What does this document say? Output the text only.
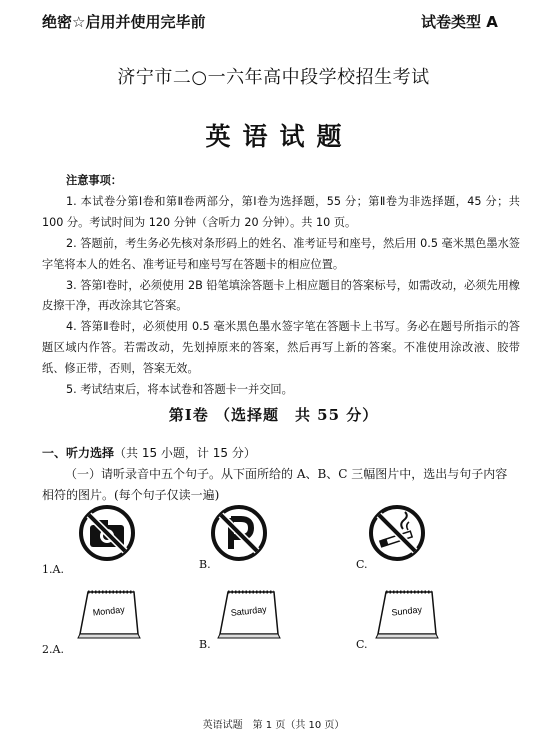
绝密☆启用并使用完毕前	试卷类型 A
济宁市二○一六年高中段学校招生考试
英语试题
注意事项：

1. 本试卷分第Ⅰ卷和第Ⅱ卷两部分，第Ⅰ卷为选择题，55 分；第Ⅱ卷为非选择题，45 分；共 100 分。考试时间为 120 分钟（含听力 20 分钟）。共 10 页。

2. 答题前，考生务必先核对条形码上的姓名、准考证号和座号，然后用 0.5 毫米黑色墨水签字笔将本人的姓名、准考证号和座号写在答题卡的相应位置。

3. 答第Ⅰ卷时，必须使用 2B 铅笔填涂答题卡上相应题目的答案标号，如需改动，必须先用橡皮擦干净，再改涂其它答案。

4. 答第Ⅱ卷时，必须使用 0.5 毫米黑色墨水签字笔在答题卡上书写。务必在题号所指示的答题区域内作答。若需改动，先划掉原来的答案，然后再写上新的答案。不准使用涂改液、胶带纸、修正带，否则，答案无效。

5. 考试结束后，将本试卷和答题卡一并交回。

第Ⅰ卷 （选择题　共 55 分）
一、听力选择（共 15 小题，计 15 分）
（一）请听录音中五个句子。从下面所给的 A、B、C 三幅图片中，选出与句子内容相符的图片。(每个句子仅读一遍)
1.A.	B.	C.
2.A.	B.	C.
Monday	Saturday	Sunday
英语试题　第 1 页（共 10 页）
